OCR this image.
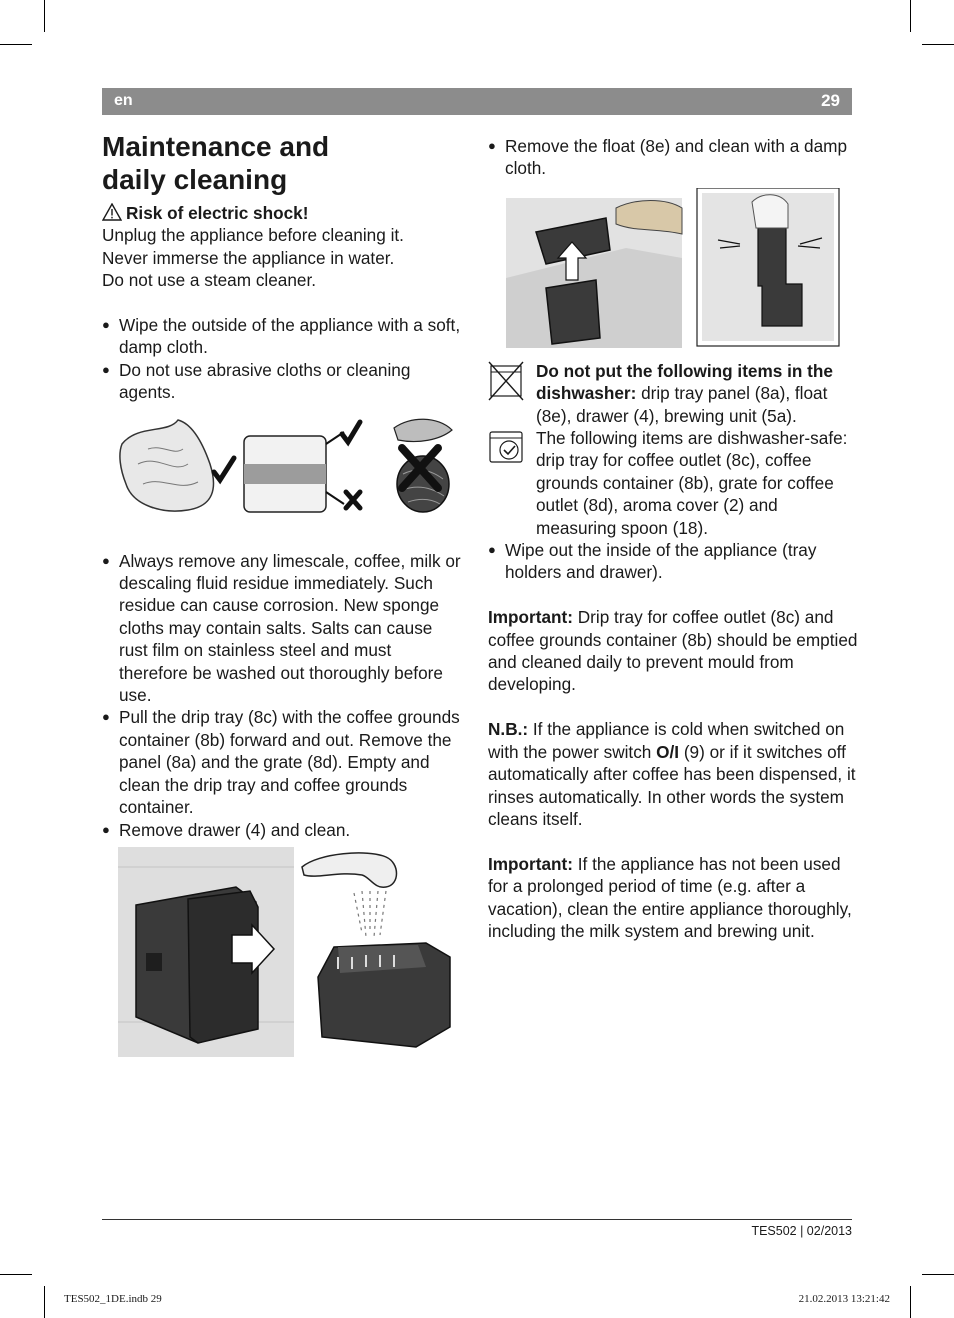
en	29
Maintenance and
daily cleaning
Risk of electric shock!

Unplug the appliance before cleaning it.

Never immerse the appliance in water.

Do not use a steam cleaner.

● Wipe the outside of the appliance with a soft, damp cloth.
● Do not use abrasive cloths or cleaning agents.
● Always remove any limescale, coffee, milk or descaling fluid residue immediately. Such residue can cause corrosion. New sponge cloths may contain salts. Salts can cause rust film on stainless steel and must therefore be washed out thoroughly before use.
● Pull the drip tray (8c) with the coffee grounds container (8b) forward and out. Remove the panel (8a) and the grate (8d). Empty and clean the drip tray and coffee grounds container.
● Remove drawer (4) and clean.
● Remove the float (8e) and clean with a damp cloth.

Do not put the following items in the dishwasher: drip tray panel (8a), float (8e), drawer (4), brewing unit (5a).

The following items are dishwasher-safe: drip tray for coffee outlet (8c), coffee grounds container (8b), grate for coffee outlet (8d), aroma cover (2) and measuring spoon (18).

● Wipe out the inside of the appliance (tray holders and drawer).

Important: Drip tray for coffee outlet (8c) and coffee grounds container (8b) should be emptied and cleaned daily to prevent mould from developing.

N.B.: If the appliance is cold when switched on with the power switch O/I (9) or if it switches off automatically after coffee has been dispensed, it rinses automatically. In other words the system cleans itself.

Important: If the appliance has not been used for a prolonged period of time (e.g. after a vacation), clean the entire appliance thoroughly, including the milk system and brewing unit.

TES502 | 02/2013
TES502_1DE.indb 29	21.02.2013 13:21:42
